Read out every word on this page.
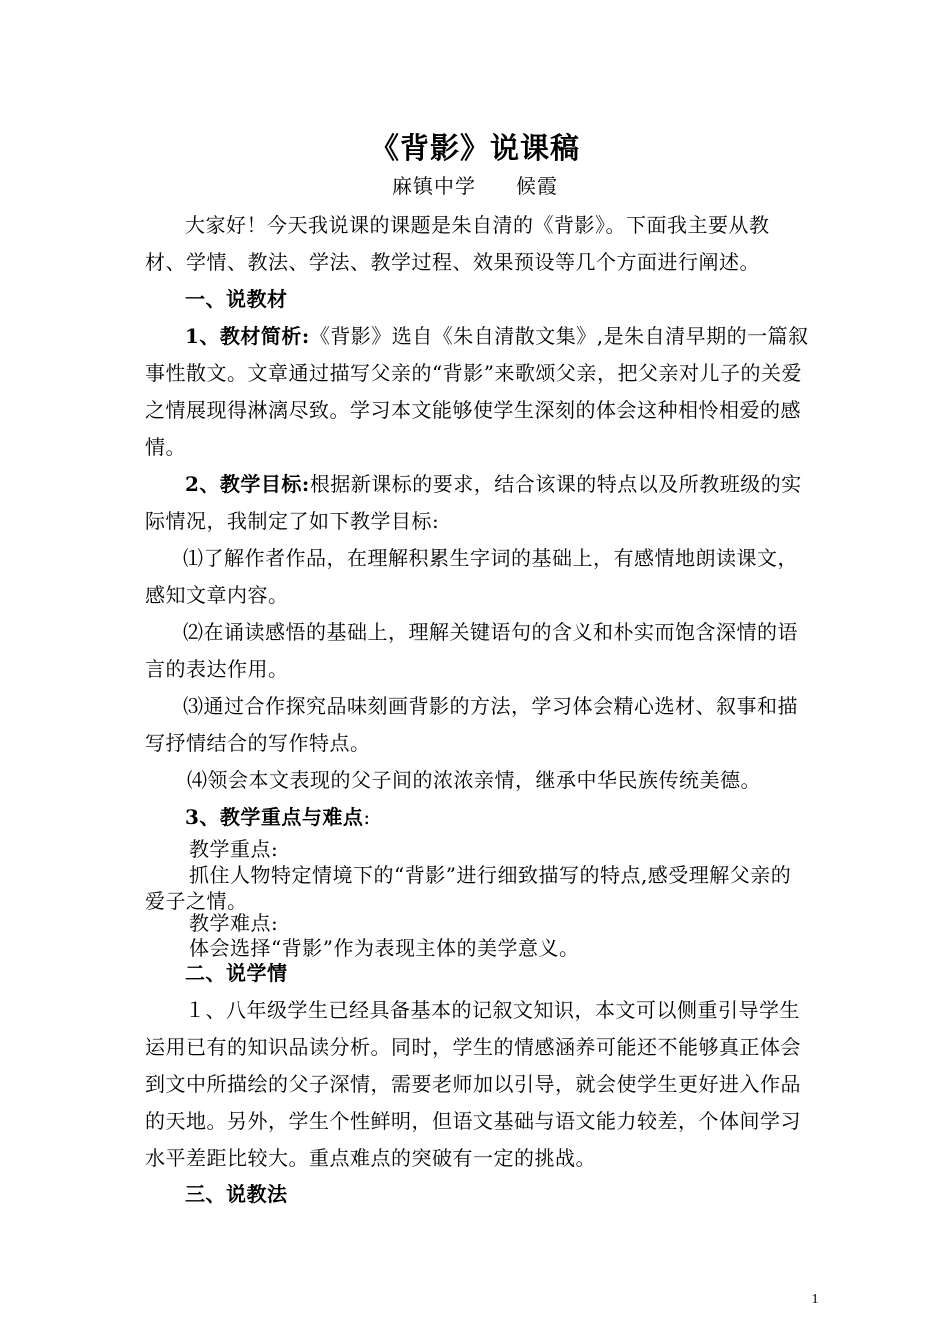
《背影》说课稿
麻镇中学 候霞
大家好！今天我说课的课题是朱自清的《背影》。下面我主要从教材、学情、教法、学法、教学过程、效果预设等几个方面进行阐述。
一、说教材
1、教材简析:《背影》选自《朱自清散文集》,是朱自清早期的一篇叙事性散文。文章通过描写父亲的“背影”来歌颂父亲，把父亲对儿子的关爱之情展现得淋漓尽致。学习本文能够使学生深刻的体会这种相怜相爱的感情。
2、教学目标:根据新课标的要求，结合该课的特点以及所教班级的实际情况，我制定了如下教学目标:
⑴了解作者作品，在理解积累生字词的基础上，有感情地朗读课文，感知文章内容。
⑵在诵读感悟的基础上，理解关键语句的含义和朴实而饱含深情的语言的表达作用。
⑶通过合作探究品味刻画背影的方法，学习体会精心选材、叙事和描写抒情结合的写作特点。
⑷领会本文表现的父子间的浓浓亲情，继承中华民族传统美德。
3、教学重点与难点:
教学重点:
抓住人物特定情境下的“背影”进行细致描写的特点,感受理解父亲的爱子之情。
教学难点:
体会选择“背影”作为表现主体的美学意义。
二、说学情
１、八年级学生已经具备基本的记叙文知识，本文可以侧重引导学生运用已有的知识品读分析。同时，学生的情感涵养可能还不能够真正体会到文中所描绘的父子深情，需要老师加以引导，就会使学生更好进入作品的天地。另外，学生个性鲜明，但语文基础与语文能力较差，个体间学习水平差距比较大。重点难点的突破有一定的挑战。
三、说教法
1
